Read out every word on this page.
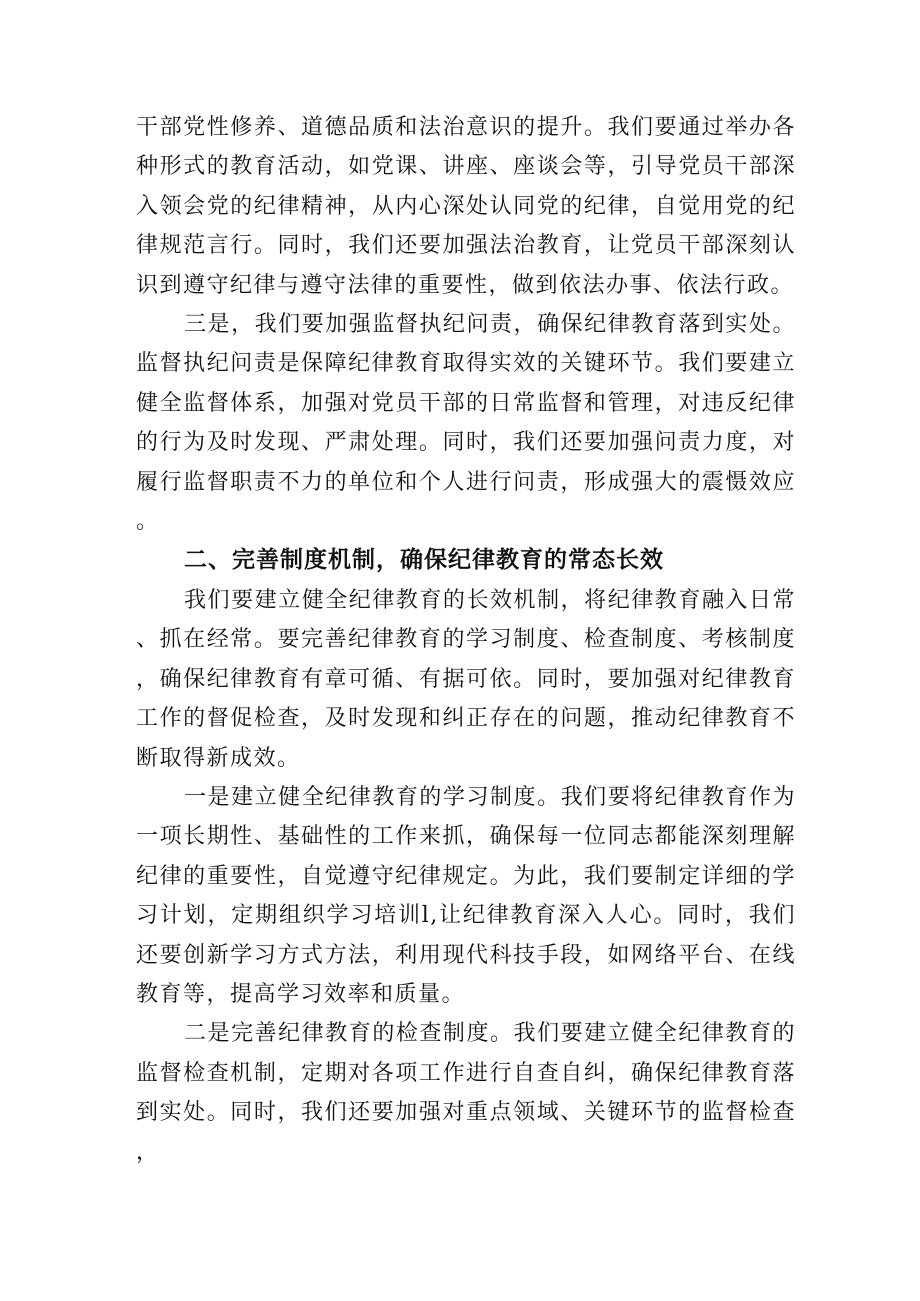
干部党性修养、道德品质和法治意识的提升。我们要通过举办各种形式的教育活动，如党课、讲座、座谈会等，引导党员干部深入领会党的纪律精神，从内心深处认同党的纪律，自觉用党的纪律规范言行。同时，我们还要加强法治教育，让党员干部深刻认识到遵守纪律与遵守法律的重要性，做到依法办事、依法行政。

三是，我们要加强监督执纪问责，确保纪律教育落到实处。监督执纪问责是保障纪律教育取得实效的关键环节。我们要建立健全监督体系，加强对党员干部的日常监督和管理，对违反纪律的行为及时发现、严肃处理。同时，我们还要加强问责力度，对履行监督职责不力的单位和个人进行问责，形成强大的震慑效应。

二、完善制度机制，确保纪律教育的常态长效

我们要建立健全纪律教育的长效机制，将纪律教育融入日常、抓在经常。要完善纪律教育的学习制度、检查制度、考核制度，确保纪律教育有章可循、有据可依。同时，要加强对纪律教育工作的督促检查，及时发现和纠正存在的问题，推动纪律教育不断取得新成效。

一是建立健全纪律教育的学习制度。我们要将纪律教育作为一项长期性、基础性的工作来抓，确保每一位同志都能深刻理解纪律的重要性，自觉遵守纪律规定。为此，我们要制定详细的学习计划，定期组织学习培训l,让纪律教育深入人心。同时，我们还要创新学习方式方法，利用现代科技手段，如网络平台、在线教育等，提高学习效率和质量。

二是完善纪律教育的检查制度。我们要建立健全纪律教育的监督检查机制，定期对各项工作进行自查自纠，确保纪律教育落到实处。同时，我们还要加强对重点领域、关键环节的监督检查，
